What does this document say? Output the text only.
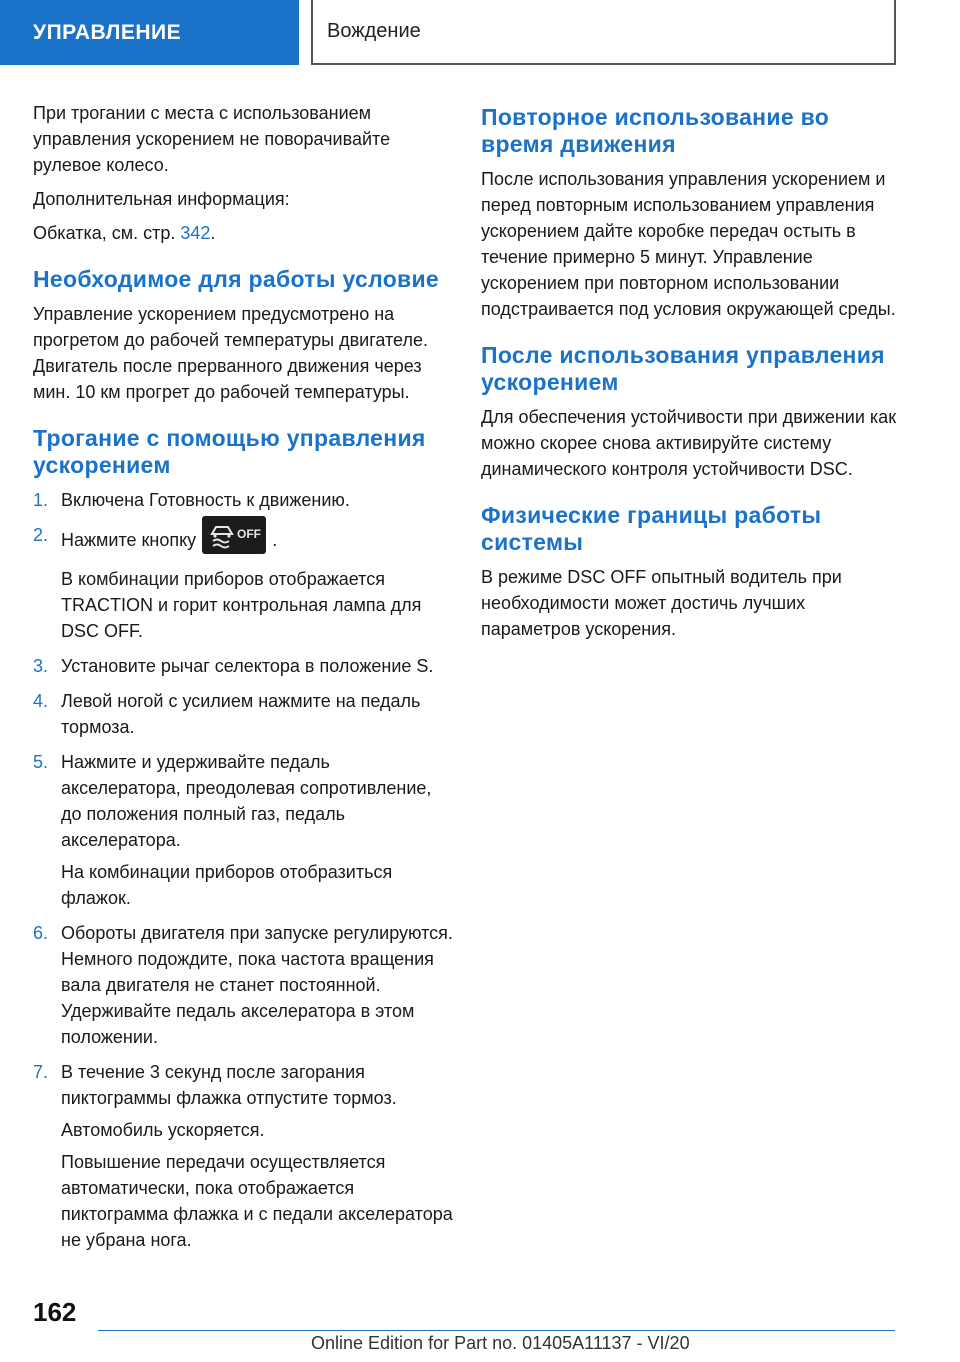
УПРАВЛЕНИЕ	Вождение

При трогании с места с использованием управления ускорением не поворачивайте рулевое колесо.

Дополнительная информация:

Обкатка, см. стр. 342.

Необходимое для работы условие

Управление ускорением предусмотрено на прогретом до рабочей температуры двигателе. Двигатель после прерванного движения через мин. 10 км прогрет до рабочей температуры.

Трогание с помощью управления ускорением
1. Включена Готовность к движению.

2. Нажмите кнопку	OFF .

В комбинации приборов отображается TRACTION и горит контрольная лампа для DSC OFF.

3. Установите рычаг селектора в положение S.

4. Левой ногой с усилием нажмите на педаль тормоза.

5. Нажмите и удерживайте педаль акселератора, преодолевая сопротивление, до положения полный газ, педаль акселератора.

На комбинации приборов отобразиться флажок.

6. Обороты двигателя при запуске регулируются. Немного подождите, пока частота вращения вала двигателя не станет постоянной. Удерживайте педаль акселератора в этом положении.

7. В течение 3 секунд после загорания пиктограммы флажка отпустите тормоз.

Автомобиль ускоряется.

Повышение передачи осуществляется автоматически, пока отображается пиктограмма флажка и с педали акселератора не убрана нога.

Повторное использование во время движения

После использования управления ускорением и перед повторным использованием управления ускорением дайте коробке передач остыть в течение примерно 5 минут. Управление ускорением при повторном использовании подстраивается под условия окружающей среды.

После использования управления ускорением

Для обеспечения устойчивости при движении как можно скорее снова активируйте систему динамического контроля устойчивости DSC.

Физические границы работы системы

В режиме DSC OFF опытный водитель при необходимости может достичь лучших параметров ускорения.

162
Online Edition for Part no. 01405A11137 - VI/20
